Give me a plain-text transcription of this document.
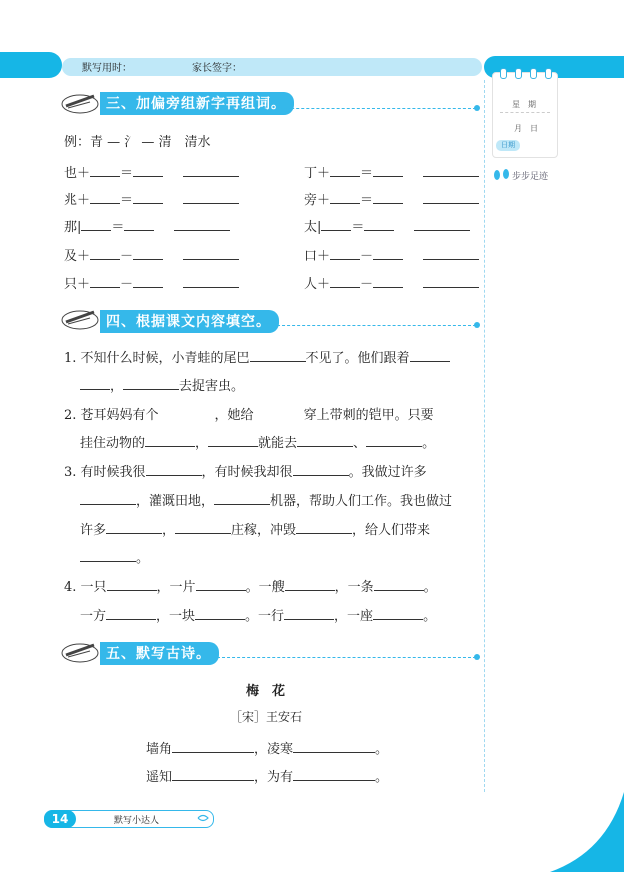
默写用时：	家长签字：
星　期
月　日
日期
步步足迹
三、加偏旁组新字再组词。
例：青 — 氵 — 清　清水
也＋ ＝
兆＋ ＝
那| ＝
及＋ －
只＋ －
丁＋ ＝
旁＋ ＝
太| ＝
口＋ －
人＋ －
四、根据课文内容填空。
1. 不知什么时候，小青蛙的尾巴	不见了。他们跟着
，	去捉害虫。
2. 苍耳妈妈有个	，她给	穿上带刺的铠甲。只要
挂住动物的	，	就能去	、	。
3. 有时候我很	，有时候我却很	。我做过许多
，灌溉田地，	机器，帮助人们工作。我也做过
许多	，	庄稼，冲毁	，给人们带来
。
4. 一只	，一片	。一艘	，一条	。
一方	，一块	。一行	，一座	。
五、默写古诗。
梅　花
［宋］王安石
墙角	，凌寒	。
遥知	，为有	。
14	默写小达人
